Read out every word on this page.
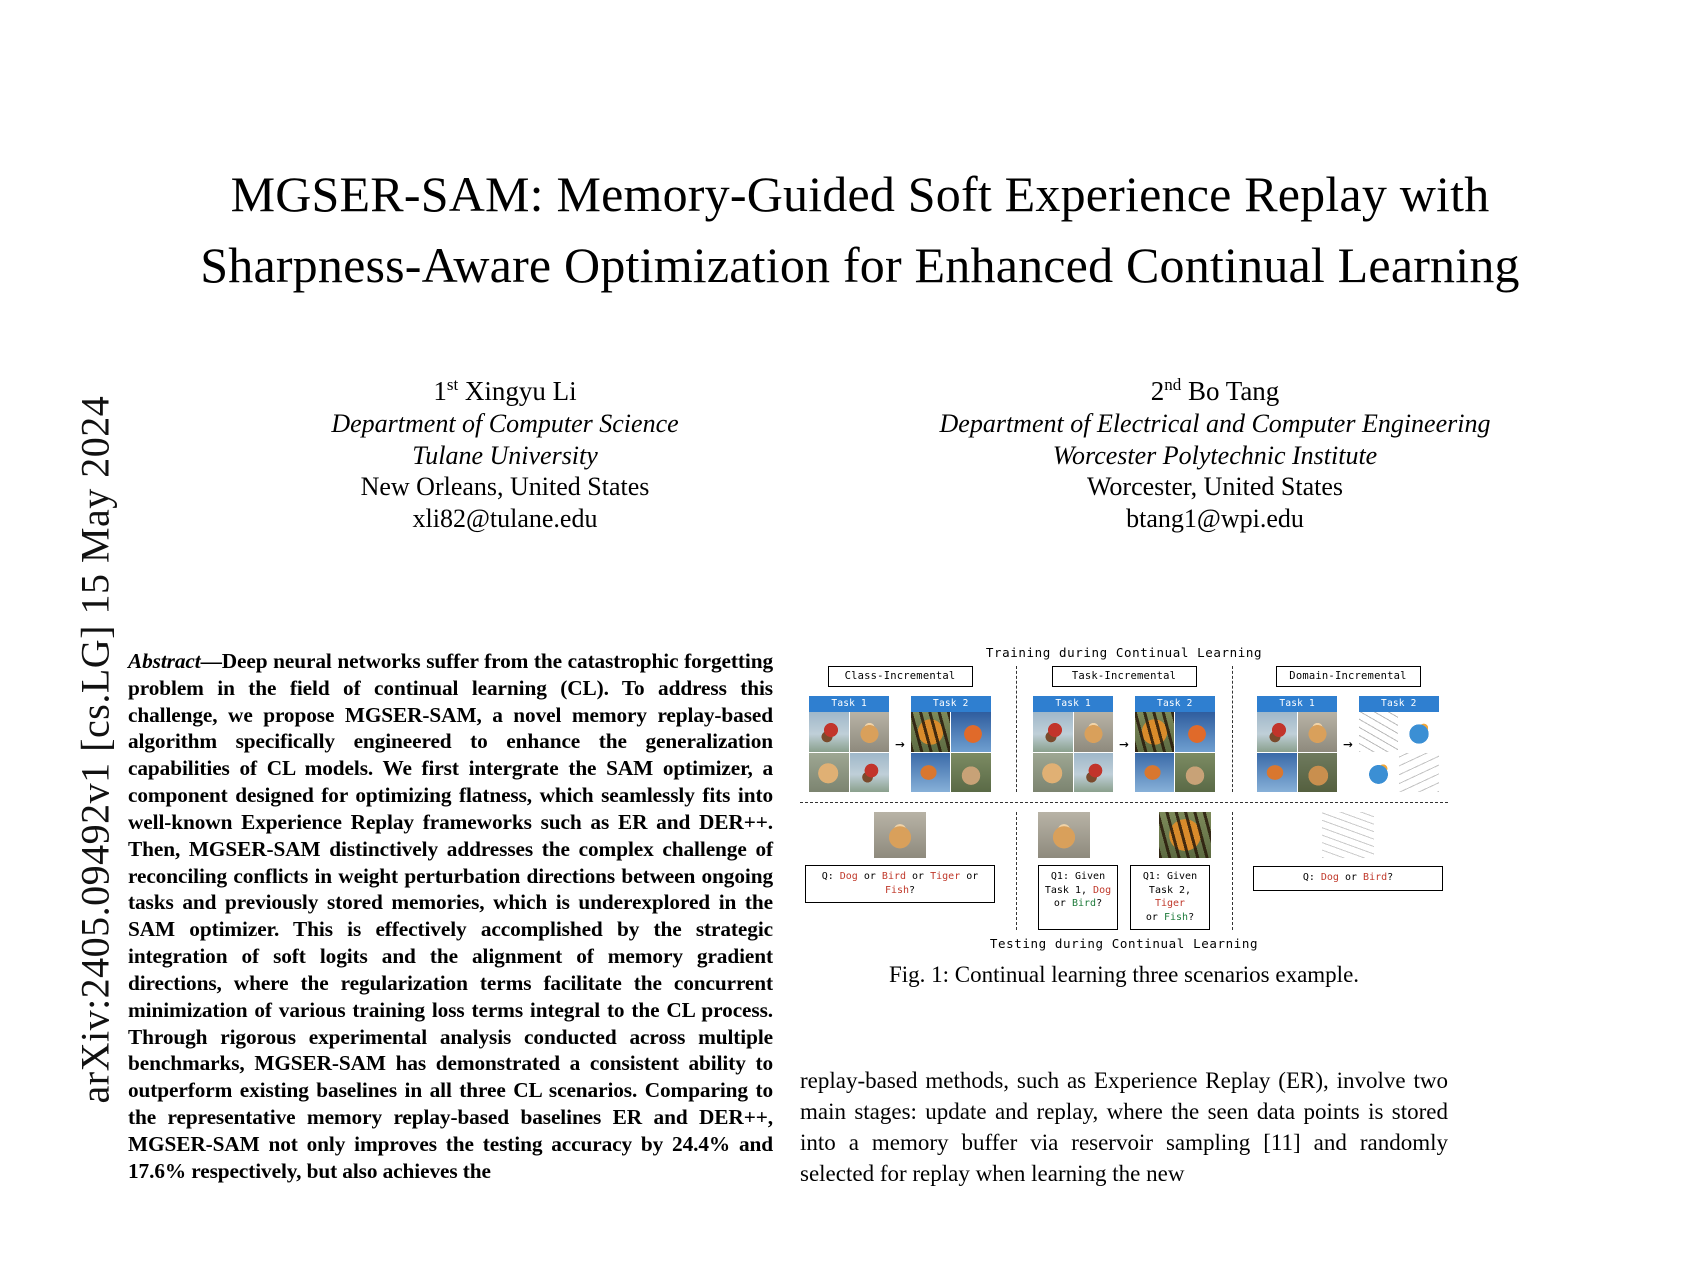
arXiv:2405.09492v1 [cs.LG] 15 May 2024
MGSER-SAM: Memory-Guided Soft Experience Replay with Sharpness-Aware Optimization for Enhanced Continual Learning
1st Xingyu Li
Department of Computer Science
Tulane University
New Orleans, United States
xli82@tulane.edu
2nd Bo Tang
Department of Electrical and Computer Engineering
Worcester Polytechnic Institute
Worcester, United States
btang1@wpi.edu
Abstract—Deep neural networks suffer from the catastrophic forgetting problem in the field of continual learning (CL). To address this challenge, we propose MGSER-SAM, a novel memory replay-based algorithm specifically engineered to enhance the generalization capabilities of CL models. We first intergrate the SAM optimizer, a component designed for optimizing flatness, which seamlessly fits into well-known Experience Replay frameworks such as ER and DER++. Then, MGSER-SAM distinctively addresses the complex challenge of reconciling conflicts in weight perturbation directions between ongoing tasks and previously stored memories, which is underexplored in the SAM optimizer. This is effectively accomplished by the strategic integration of soft logits and the alignment of memory gradient directions, where the regularization terms facilitate the concurrent minimization of various training loss terms integral to the CL process. Through rigorous experimental analysis conducted across multiple benchmarks, MGSER-SAM has demonstrated a consistent ability to outperform existing baselines in all three CL scenarios. Comparing to the representative memory replay-based baselines ER and DER++, MGSER-SAM not only improves the testing accuracy by 24.4% and 17.6% respectively, but also achieves the
Training during Continual Learning
Class-Incremental
Task 1
→
Task 2
Task-Incremental
Task 1
→
Task 2
Domain-Incremental
Task 1
→
Task 2
Q: Dog or Bird or Tiger or Fish?
Q1: Given
Task 1, Dog
or Bird?
Q1: Given
Task 2, Tiger
or Fish?
Q: Dog or Bird?
Testing during Continual Learning
Fig. 1: Continual learning three scenarios example.
replay-based methods, such as Experience Replay (ER), involve two main stages: update and replay, where the seen data points is stored into a memory buffer via reservoir sampling [11] and randomly selected for replay when learning the new
